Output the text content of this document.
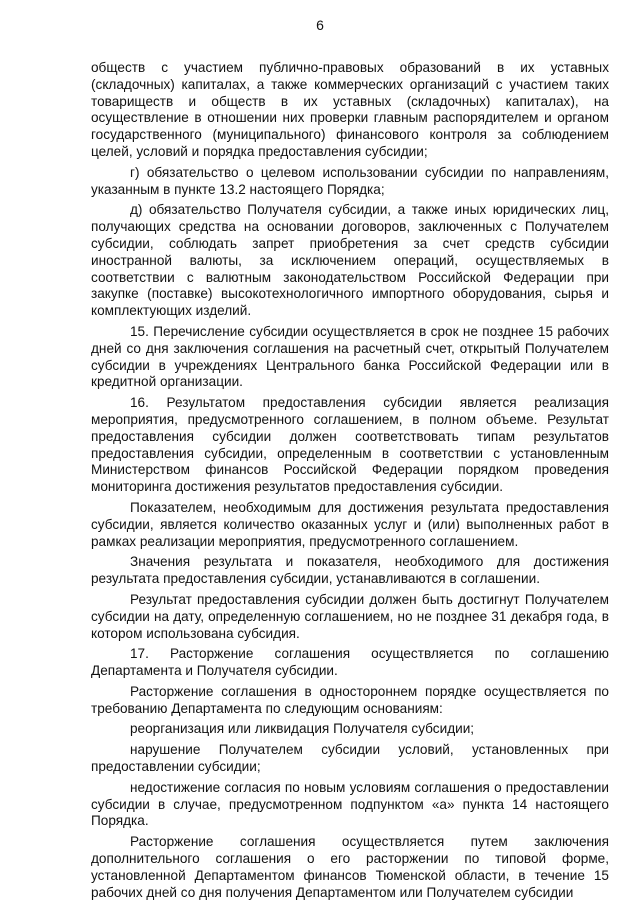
6

обществ с участием публично-правовых образований в их уставных (складочных) капиталах, а также коммерческих организаций с участием таких товариществ и обществ в их уставных (складочных) капиталах), на осуществление в отношении них проверки главным распорядителем и органом государственного (муниципального) финансового контроля за соблюдением целей, условий и порядка предоставления субсидии;

г) обязательство о целевом использовании субсидии по направлениям, указанным в пункте 13.2 настоящего Порядка;

д) обязательство Получателя субсидии, а также иных юридических лиц, получающих средства на основании договоров, заключенных с Получателем субсидии, соблюдать запрет приобретения за счет средств субсидии иностранной валюты, за исключением операций, осуществляемых в соответствии с валютным законодательством Российской Федерации при закупке (поставке) высокотехнологичного импортного оборудования, сырья и комплектующих изделий.

15. Перечисление субсидии осуществляется в срок не позднее 15 рабочих дней со дня заключения соглашения на расчетный счет, открытый Получателем субсидии в учреждениях Центрального банка Российской Федерации или в кредитной организации.

16. Результатом предоставления субсидии является реализация мероприятия, предусмотренного соглашением, в полном объеме. Результат предоставления субсидии должен соответствовать типам результатов предоставления субсидии, определенным в соответствии с установленным Министерством финансов Российской Федерации порядком проведения мониторинга достижения результатов предоставления субсидии.

Показателем, необходимым для достижения результата предоставления субсидии, является количество оказанных услуг и (или) выполненных работ в рамках реализации мероприятия, предусмотренного соглашением.

Значения результата и показателя, необходимого для достижения результата предоставления субсидии, устанавливаются в соглашении.

Результат предоставления субсидии должен быть достигнут Получателем субсидии на дату, определенную соглашением, но не позднее 31 декабря года, в котором использована субсидия.

17. Расторжение соглашения осуществляется по соглашению Департамента и Получателя субсидии.

Расторжение соглашения в одностороннем порядке осуществляется по требованию Департамента по следующим основаниям:

реорганизация или ликвидация Получателя субсидии;

нарушение Получателем субсидии условий, установленных при предоставлении субсидии;

недостижение согласия по новым условиям соглашения о предоставлении субсидии в случае, предусмотренном подпунктом «а» пункта 14 настоящего Порядка.

Расторжение соглашения осуществляется путем заключения дополнительного соглашения о его расторжении по типовой форме, установленной Департаментом финансов Тюменской области, в течение 15 рабочих дней со дня получения Департаментом или Получателем субсидии
